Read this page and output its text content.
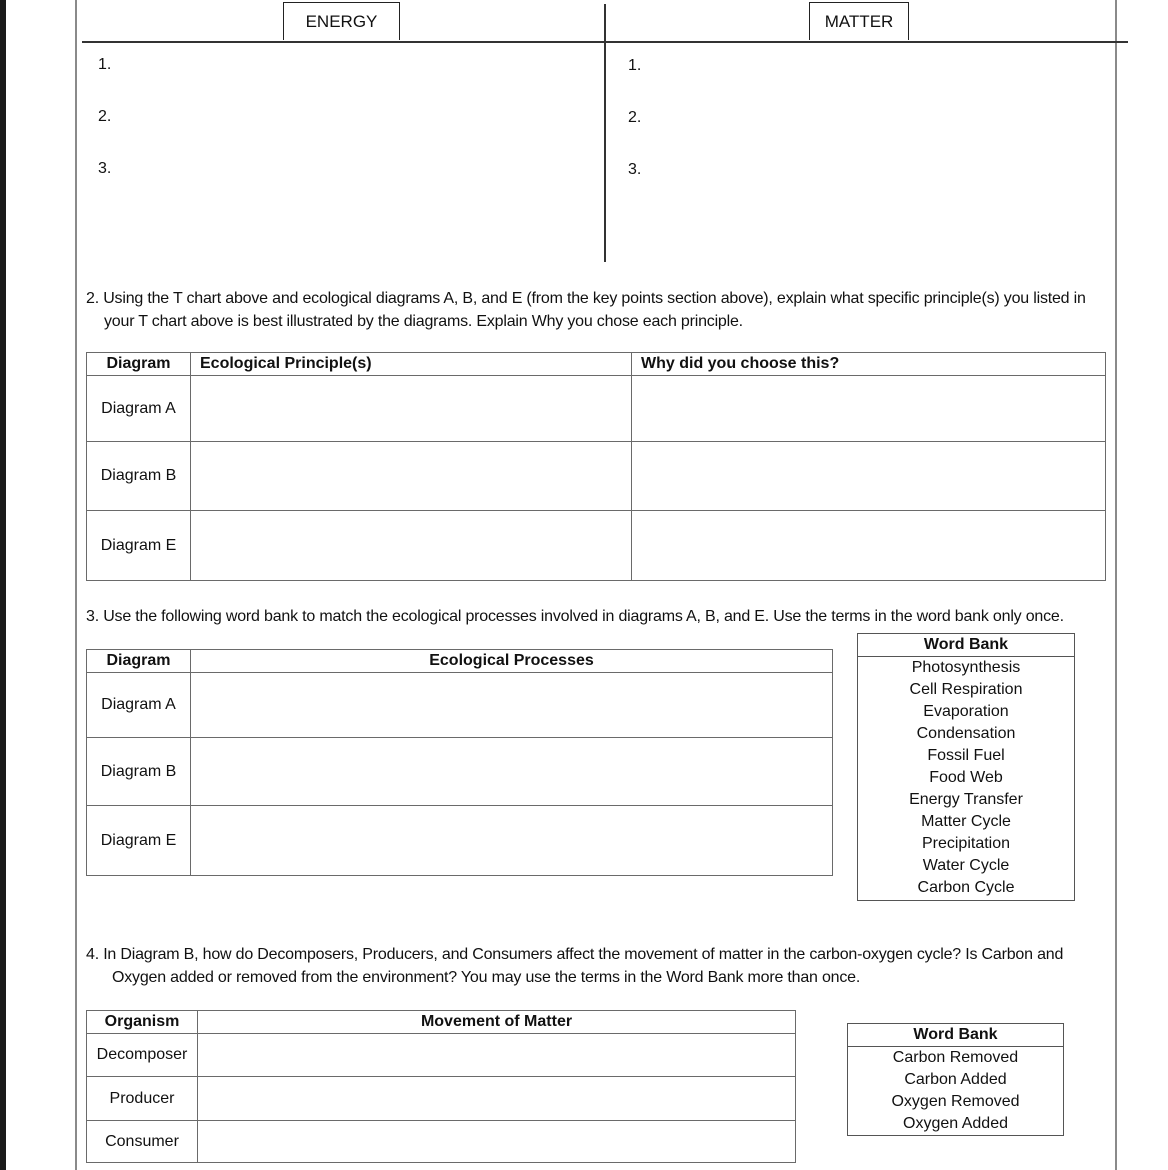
ENERGY	MATTER
1.
2.
3.
1.
2.
3.
2. Using the T chart above and ecological diagrams A, B, and E (from the key points section above), explain what specific principle(s) you listed in
your T chart above is best illustrated by the diagrams. Explain Why you chose each principle.
Diagram	Ecological Principle(s)	Why did you choose this?
Diagram A		
Diagram B		
Diagram E		
3. Use the following word bank to match the ecological processes involved in diagrams A, B, and E. Use the terms in the word bank only once.
Diagram	Ecological Processes
Diagram A	
Diagram B	
Diagram E	
Word Bank
Photosynthesis
Cell Respiration
Evaporation
Condensation
Fossil Fuel
Food Web
Energy Transfer
Matter Cycle
Precipitation
Water Cycle
Carbon Cycle
4. In Diagram B, how do Decomposers, Producers, and Consumers affect the movement of matter in the carbon-oxygen cycle? Is Carbon and
Oxygen added or removed from the environment? You may use the terms in the Word Bank more than once.
Organism	Movement of Matter
Decomposer	
Producer	
Consumer	
Word Bank
Carbon Removed
Carbon Added
Oxygen Removed
Oxygen Added
